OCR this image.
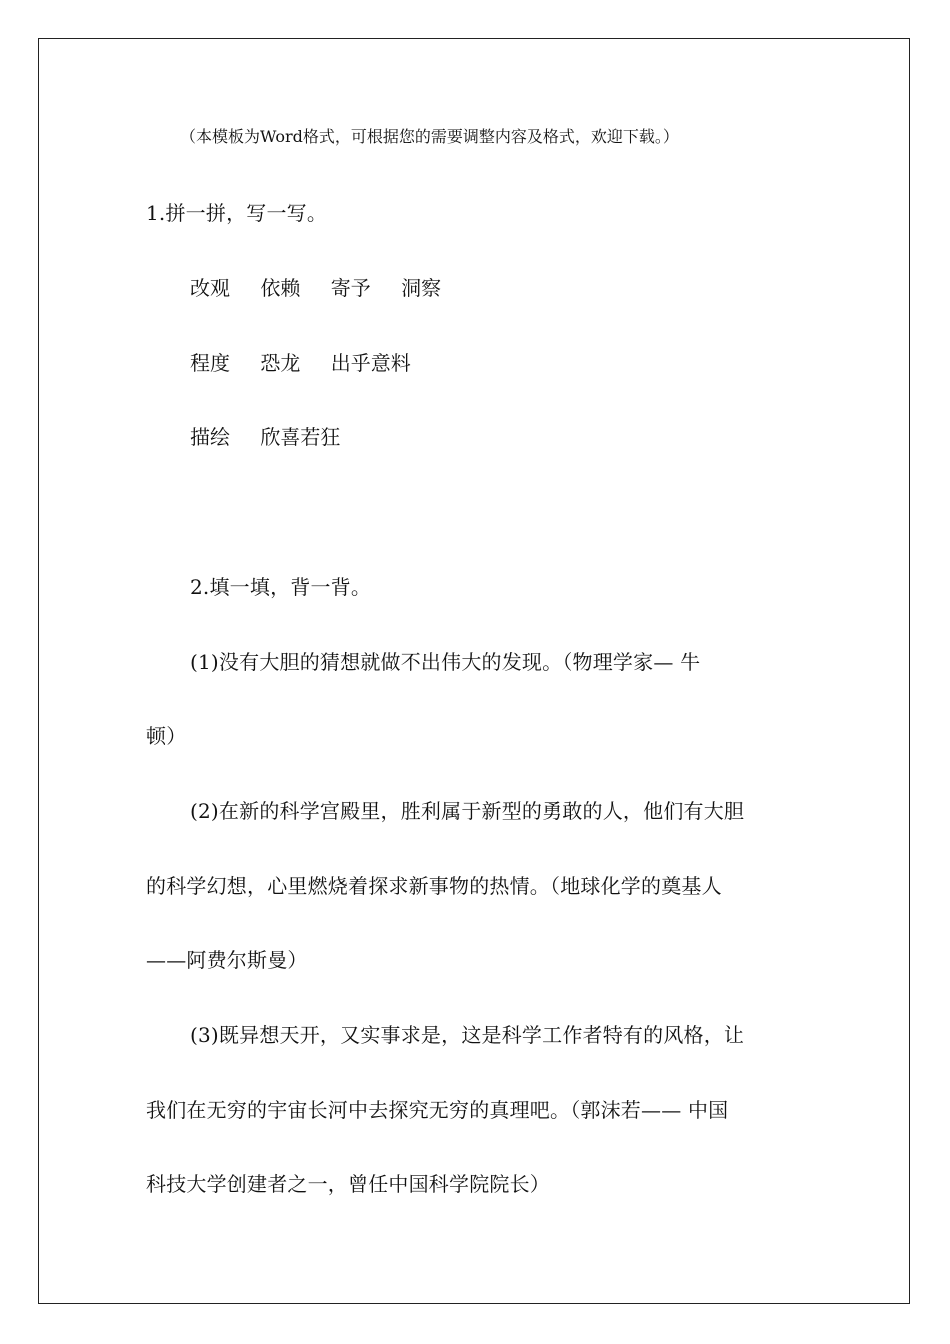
（本模板为Word格式，可根据您的需要调整内容及格式，欢迎下载。）
1.拼一拼，写一写。
改观 依赖 寄予 洞察
程度 恐龙 出乎意料
描绘 欣喜若狂
2.填一填，背一背。
(1)没有大胆的猜想就做不出伟大的发现。（物理学家— 牛
顿）
(2)在新的科学宫殿里，胜利属于新型的勇敢的人，他们有大胆
的科学幻想，心里燃烧着探求新事物的热情。（地球化学的奠基人
——阿费尔斯曼）
(3)既异想天开，又实事求是，这是科学工作者特有的风格，让
我们在无穷的宇宙长河中去探究无穷的真理吧。（郭沫若—— 中国
科技大学创建者之一，曾任中国科学院院长）
